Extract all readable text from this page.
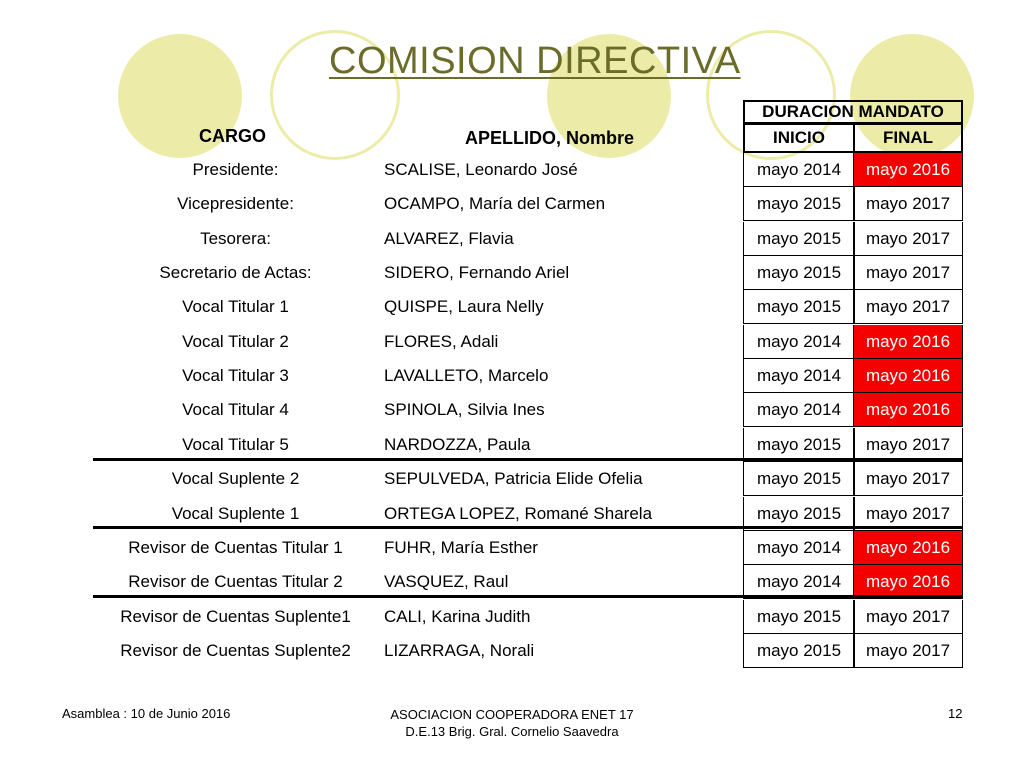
COMISION DIRECTIVA
CARGO	APELLIDO, Nombre
DURACION MANDATO
INICIO	FINAL
Presidente:	SCALISE, Leonardo José	mayo 2014	mayo 2016
Vicepresidente:	OCAMPO, María del Carmen	mayo 2015	mayo 2017
Tesorera:	ALVAREZ, Flavia	mayo 2015	mayo 2017
Secretario de Actas:	SIDERO, Fernando Ariel	mayo 2015	mayo 2017
Vocal Titular 1	QUISPE, Laura Nelly	mayo 2015	mayo 2017
Vocal Titular 2	FLORES, Adali	mayo 2014	mayo 2016
Vocal Titular 3	LAVALLETO, Marcelo	mayo 2014	mayo 2016
Vocal Titular 4	SPINOLA, Silvia Ines	mayo 2014	mayo 2016
Vocal Titular 5	NARDOZZA, Paula	mayo 2015	mayo 2017
Vocal Suplente 2	SEPULVEDA, Patricia Elide Ofelia	mayo 2015	mayo 2017
Vocal Suplente 1	ORTEGA LOPEZ, Romané Sharela	mayo 2015	mayo 2017
Revisor de Cuentas Titular 1	FUHR, María Esther	mayo 2014	mayo 2016
Revisor de Cuentas Titular 2	VASQUEZ, Raul	mayo 2014	mayo 2016
Revisor de Cuentas Suplente1	CALI, Karina Judith	mayo 2015	mayo 2017
Revisor de Cuentas Suplente2	LIZARRAGA, Norali	mayo 2015	mayo 2017
Asamblea : 10 de Junio 2016	ASOCIACION COOPERADORA ENET 17
D.E.13 Brig. Gral. Cornelio Saavedra
12
